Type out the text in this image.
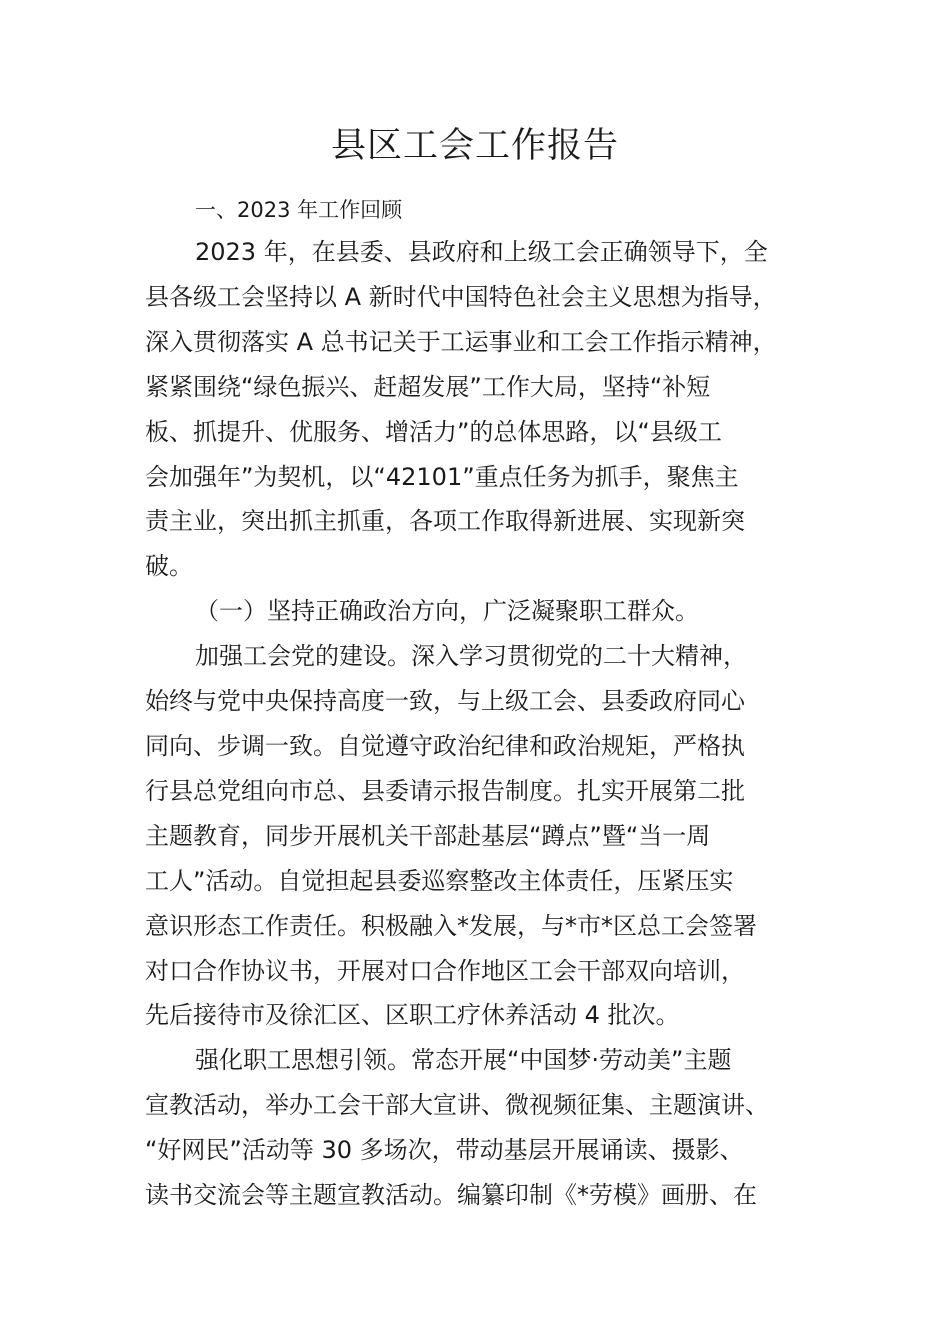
县区工会工作报告

一、2023 年工作回顾

2023 年，在县委、县政府和上级工会正确领导下，全
县各级工会坚持以 A 新时代中国特色社会主义思想为指导，
深入贯彻落实 A 总书记关于工运事业和工会工作指示精神，
紧紧围绕“绿色振兴、赶超发展”工作大局，坚持“补短
板、抓提升、优服务、增活力”的总体思路，以“县级工
会加强年”为契机，以“42101”重点任务为抓手，聚焦主
责主业，突出抓主抓重，各项工作取得新进展、实现新突
破。

（一）坚持正确政治方向，广泛凝聚职工群众。

加强工会党的建设。深入学习贯彻党的二十大精神，
始终与党中央保持高度一致，与上级工会、县委政府同心
同向、步调一致。自觉遵守政治纪律和政治规矩，严格执
行县总党组向市总、县委请示报告制度。扎实开展第二批
主题教育，同步开展机关干部赴基层“蹲点”暨“当一周
工人”活动。自觉担起县委巡察整改主体责任，压紧压实
意识形态工作责任。积极融入*发展，与*市*区总工会签署
对口合作协议书，开展对口合作地区工会干部双向培训，
先后接待市及徐汇区、区职工疗休养活动 4 批次。

强化职工思想引领。常态开展“中国梦·劳动美”主题
宣教活动，举办工会干部大宣讲、微视频征集、主题演讲、
“好网民”活动等 30 多场次，带动基层开展诵读、摄影、
读书交流会等主题宣教活动。编纂印制《*劳模》画册、在
